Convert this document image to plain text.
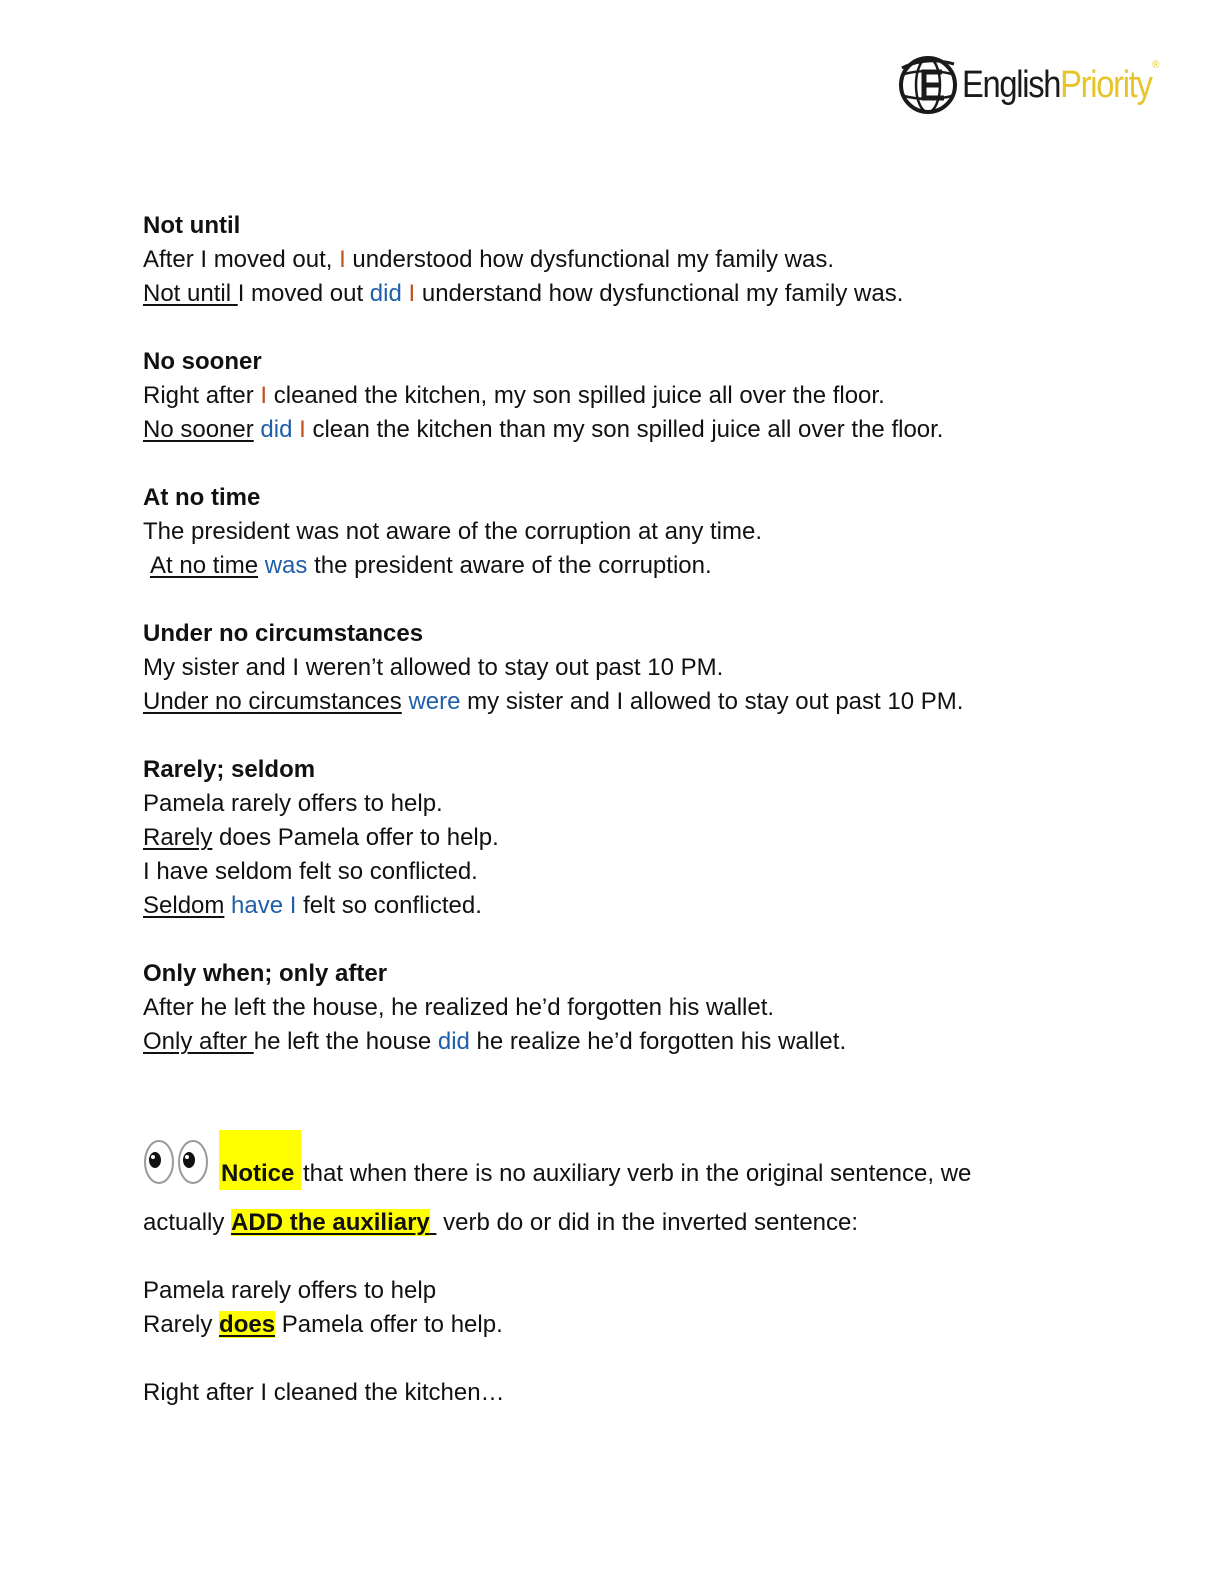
EnglishPriority®
Not until
After I moved out, I understood how dysfunctional my family was.
Not until I moved out did I understand how dysfunctional my family was.
No sooner
Right after I cleaned the kitchen, my son spilled juice all over the floor.
No sooner did I clean the kitchen than my son spilled juice all over the floor.
At no time
The president was not aware of the corruption at any time.
At no time was the president aware of the corruption.
Under no circumstances
My sister and I weren’t allowed to stay out past 10 PM.
Under no circumstances were my sister and I allowed to stay out past 10 PM.
Rarely; seldom
Pamela rarely offers to help.
Rarely does Pamela offer to help.
I have seldom felt so conflicted.
Seldom have I felt so conflicted.
Only when; only after
After he left the house, he realized he’d forgotten his wallet.
Only after he left the house did he realize he’d forgotten his wallet.
Notice that when there is no auxiliary verb in the original sentence, we
actually ADD the auxiliary  verb do or did in the inverted sentence:
Pamela rarely offers to help
Rarely does Pamela offer to help.
Right after I cleaned the kitchen…
